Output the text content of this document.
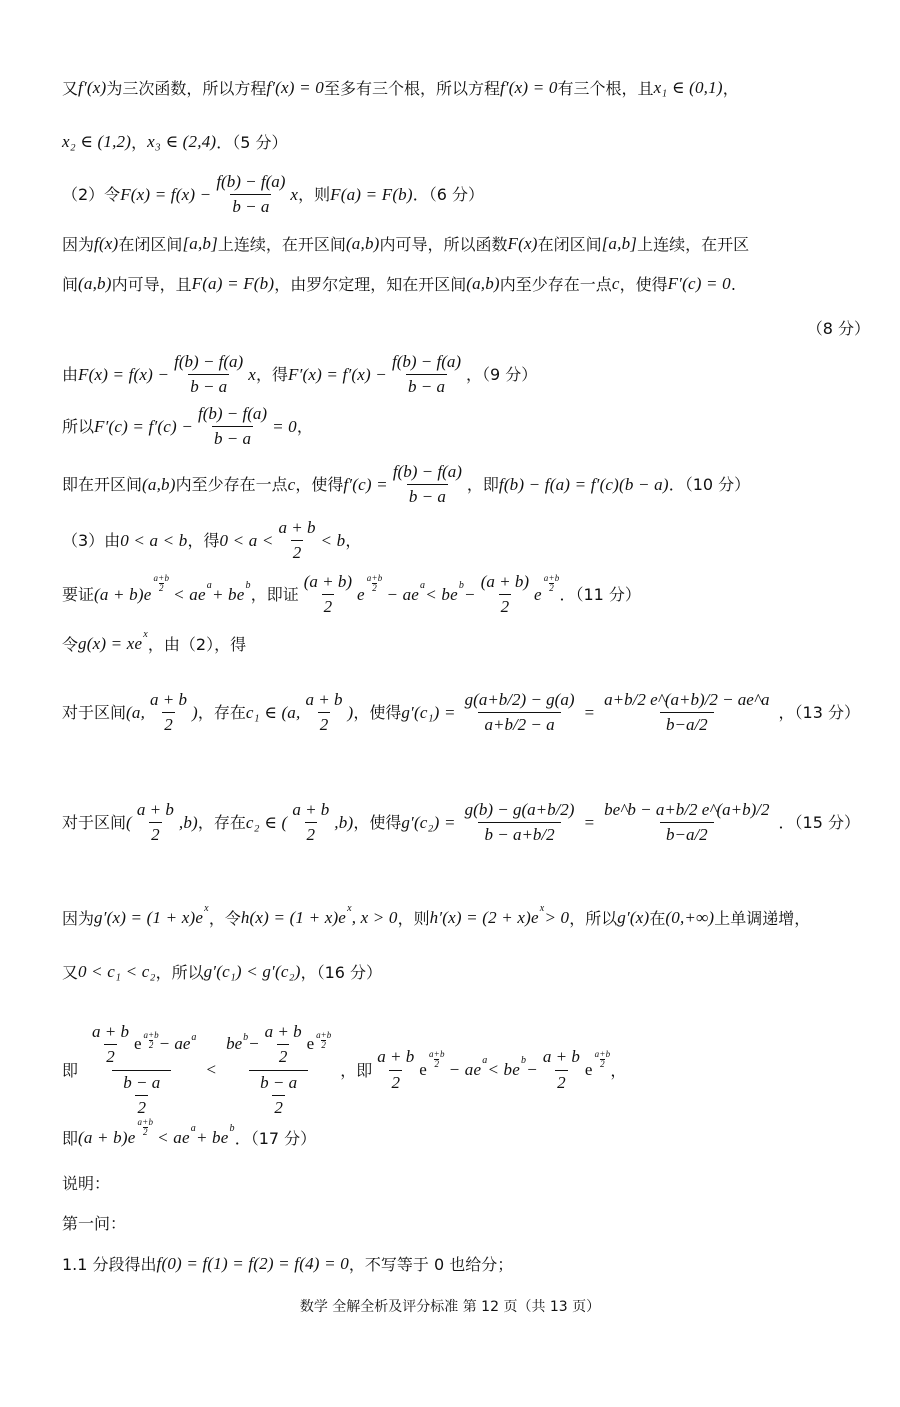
又 f′(x) 为三次函数，所以方程 f′(x) = 0 至多有三个根，所以方程 f′(x) = 0 有三个根，且 x₁ ∈ (0,1) ，
x₂ ∈ (1,2) ， x₃ ∈ (2,4) ．（5 分）
（2）令 $F(x) = f(x) - \frac{f(b) - f(a)}{b - a}$ x ，则 F(a) = F(b) ．（6 分）
因为 f(x) 在闭区间 [a,b] 上连续，在开区间 (a,b) 内可导，所以函数 F(x) 在闭区间 [a,b] 上连续，在开区
间 (a,b) 内可导，且 F(a) = F(b) ，由罗尔定理，知在开区间 (a,b) 内至少存在一点 c ，使得 F′(c) = 0 .
（8 分）
由 $F(x) = f(x) - \frac{f(b) - f(a)}{b - a}$ x ，得 $F'(x) = f'(x) - \frac{f(b) - f(a)}{b - a}$ ，（9 分）
所以 $F'(c) = f'(c) - \frac{f(b) - f(a)}{b - a} = 0$ ，
即在开区间 (a,b) 内至少存在一点 c ，使得 $f'(c) = \frac{f(b) - f(a)}{b - a}$ ，即 f(b) − f(a) = f′(c)(b − a) ．（10 分）
（3）由 0 < a < b ，得 $0 < a < \frac{a + b}{2} < b$ ，
要证 (a + b)e
$\frac{a+b}{2}$
< ae a + be b ，即证 $\frac{(a + b)}{2}$ e
$\frac{a+b}{2}$
− ae a < be $b - \frac{(a + b)}{2}$ e
$\frac{a+b}{2}$
．（11 分）
令 g(x) = xe x ，由（2），得
对于区间 (a, $\frac{a + b}{2}$ ) ，存在 c₁ ∈ (a, $\frac{a + b}{2}$ ) ，使得 $g'(c_1) = \frac{g(a+b/2) - g(a)}{a+b/2 - a} = \frac{a+b/2 e\^{}(a+b)/2 - ae\^{}a}{b-a/2}$ ，（13 分）
对于区间 ( $\frac{a + b}{2} ,b$) ，存在 c₂ ∈ ( $\frac{a + b}{2} ,b$) ，使得 $g'(c_2) = \frac{g(b) - g(a+b/2)}{b - a+b/2} = \frac{be\^{}b - a+b/2 e\^{}(a+b)/2}{b-a/2}$ ．（15 分）
因为 g′(x) = (1 + x)e x ，令 h(x) = (1 + x)e x , x > 0 ，则 h′(x) = (2 + x)e x > 0 ，所以 g′(x) 在 (0,+∞) 上单调递增，
又 0 < c₁ < c₂ ，所以 g′(c₁) < g′(c₂) ，（16 分）
即 $\frac{\frac{a + b}{2} e \frac{a+b}{2} - ae^a}{\frac{b - a}{2}} < \frac{be^b- \frac{a + b}{2} e \frac{a+b}{2}}{\frac{b - a}{2}}$ ，即 $\frac{a + b}{2}$ e
$\frac{a+b}{2}$
− ae a < be $b - \frac{a + b}{2}$ e
$\frac{a+b}{2}$
，
即 (a + b)e
$\frac{a+b}{2}$
< ae a + be b ．（17 分）
说明：
第一问：
1.1 分段得出 f(0) = f(1) = f(2) = f(4) = 0 ，不写等于 0 也给分；
数学 全解全析及评分标准 第 12 页（共 13 页）
